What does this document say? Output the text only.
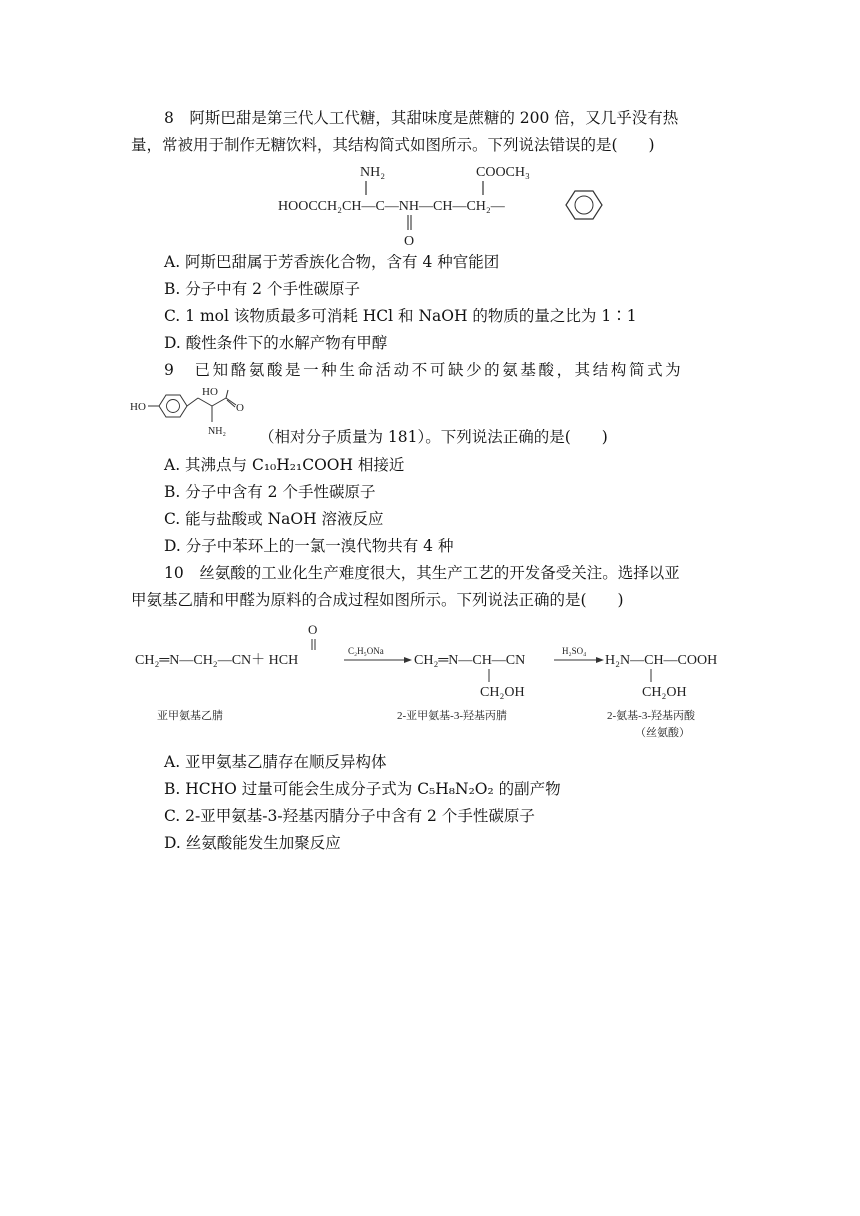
8　阿斯巴甜是第三代人工代糖，其甜味度是蔗糖的 200 倍，又几乎没有热
量，常被用于制作无糖饮料，其结构简式如图所示。下列说法错误的是(　　)
NH₂	COOCH₃
HOOCCH₂CH—C—NH—CH—CH₂—
O
A. 阿斯巴甜属于芳香族化合物，含有 4 种官能团
B. 分子中有 2 个手性碳原子
C. 1 mol 该物质最多可消耗 HCl 和 NaOH 的物质的量之比为 1∶1
D. 酸性条件下的水解产物有甲醇
9　已知酪氨酸是一种生命活动不可缺少的氨基酸，其结构简式为
HO
HO
O
NH₂ （相对分子质量为 181）。下列说法正确的是(　　)
A. 其沸点与 C₁₀H₂₁COOH 相接近
B. 分子中含有 2 个手性碳原子
C. 能与盐酸或 NaOH 溶液反应
D. 分子中苯环上的一氯一溴代物共有 4 种
10　丝氨酸的工业化生产难度很大，其生产工艺的开发备受关注。选择以亚
甲氨基乙腈和甲醛为原料的合成过程如图所示。下列说法正确的是(　　)
O
CH₂═N—CH₂—CN＋ HCH
C₂H₅ONa
CH₂═N—CH—CN
CH₂OH
H₂SO₄
H₂N—CH—COOH
CH₂OH
亚甲氨基乙腈	2-亚甲氨基-3-羟基丙腈	2-氨基-3-羟基丙酸
（丝氨酸）
A. 亚甲氨基乙腈存在顺反异构体
B. HCHO 过量可能会生成分子式为 C₅H₈N₂O₂ 的副产物
C. 2-亚甲氨基-3-羟基丙腈分子中含有 2 个手性碳原子
D. 丝氨酸能发生加聚反应
